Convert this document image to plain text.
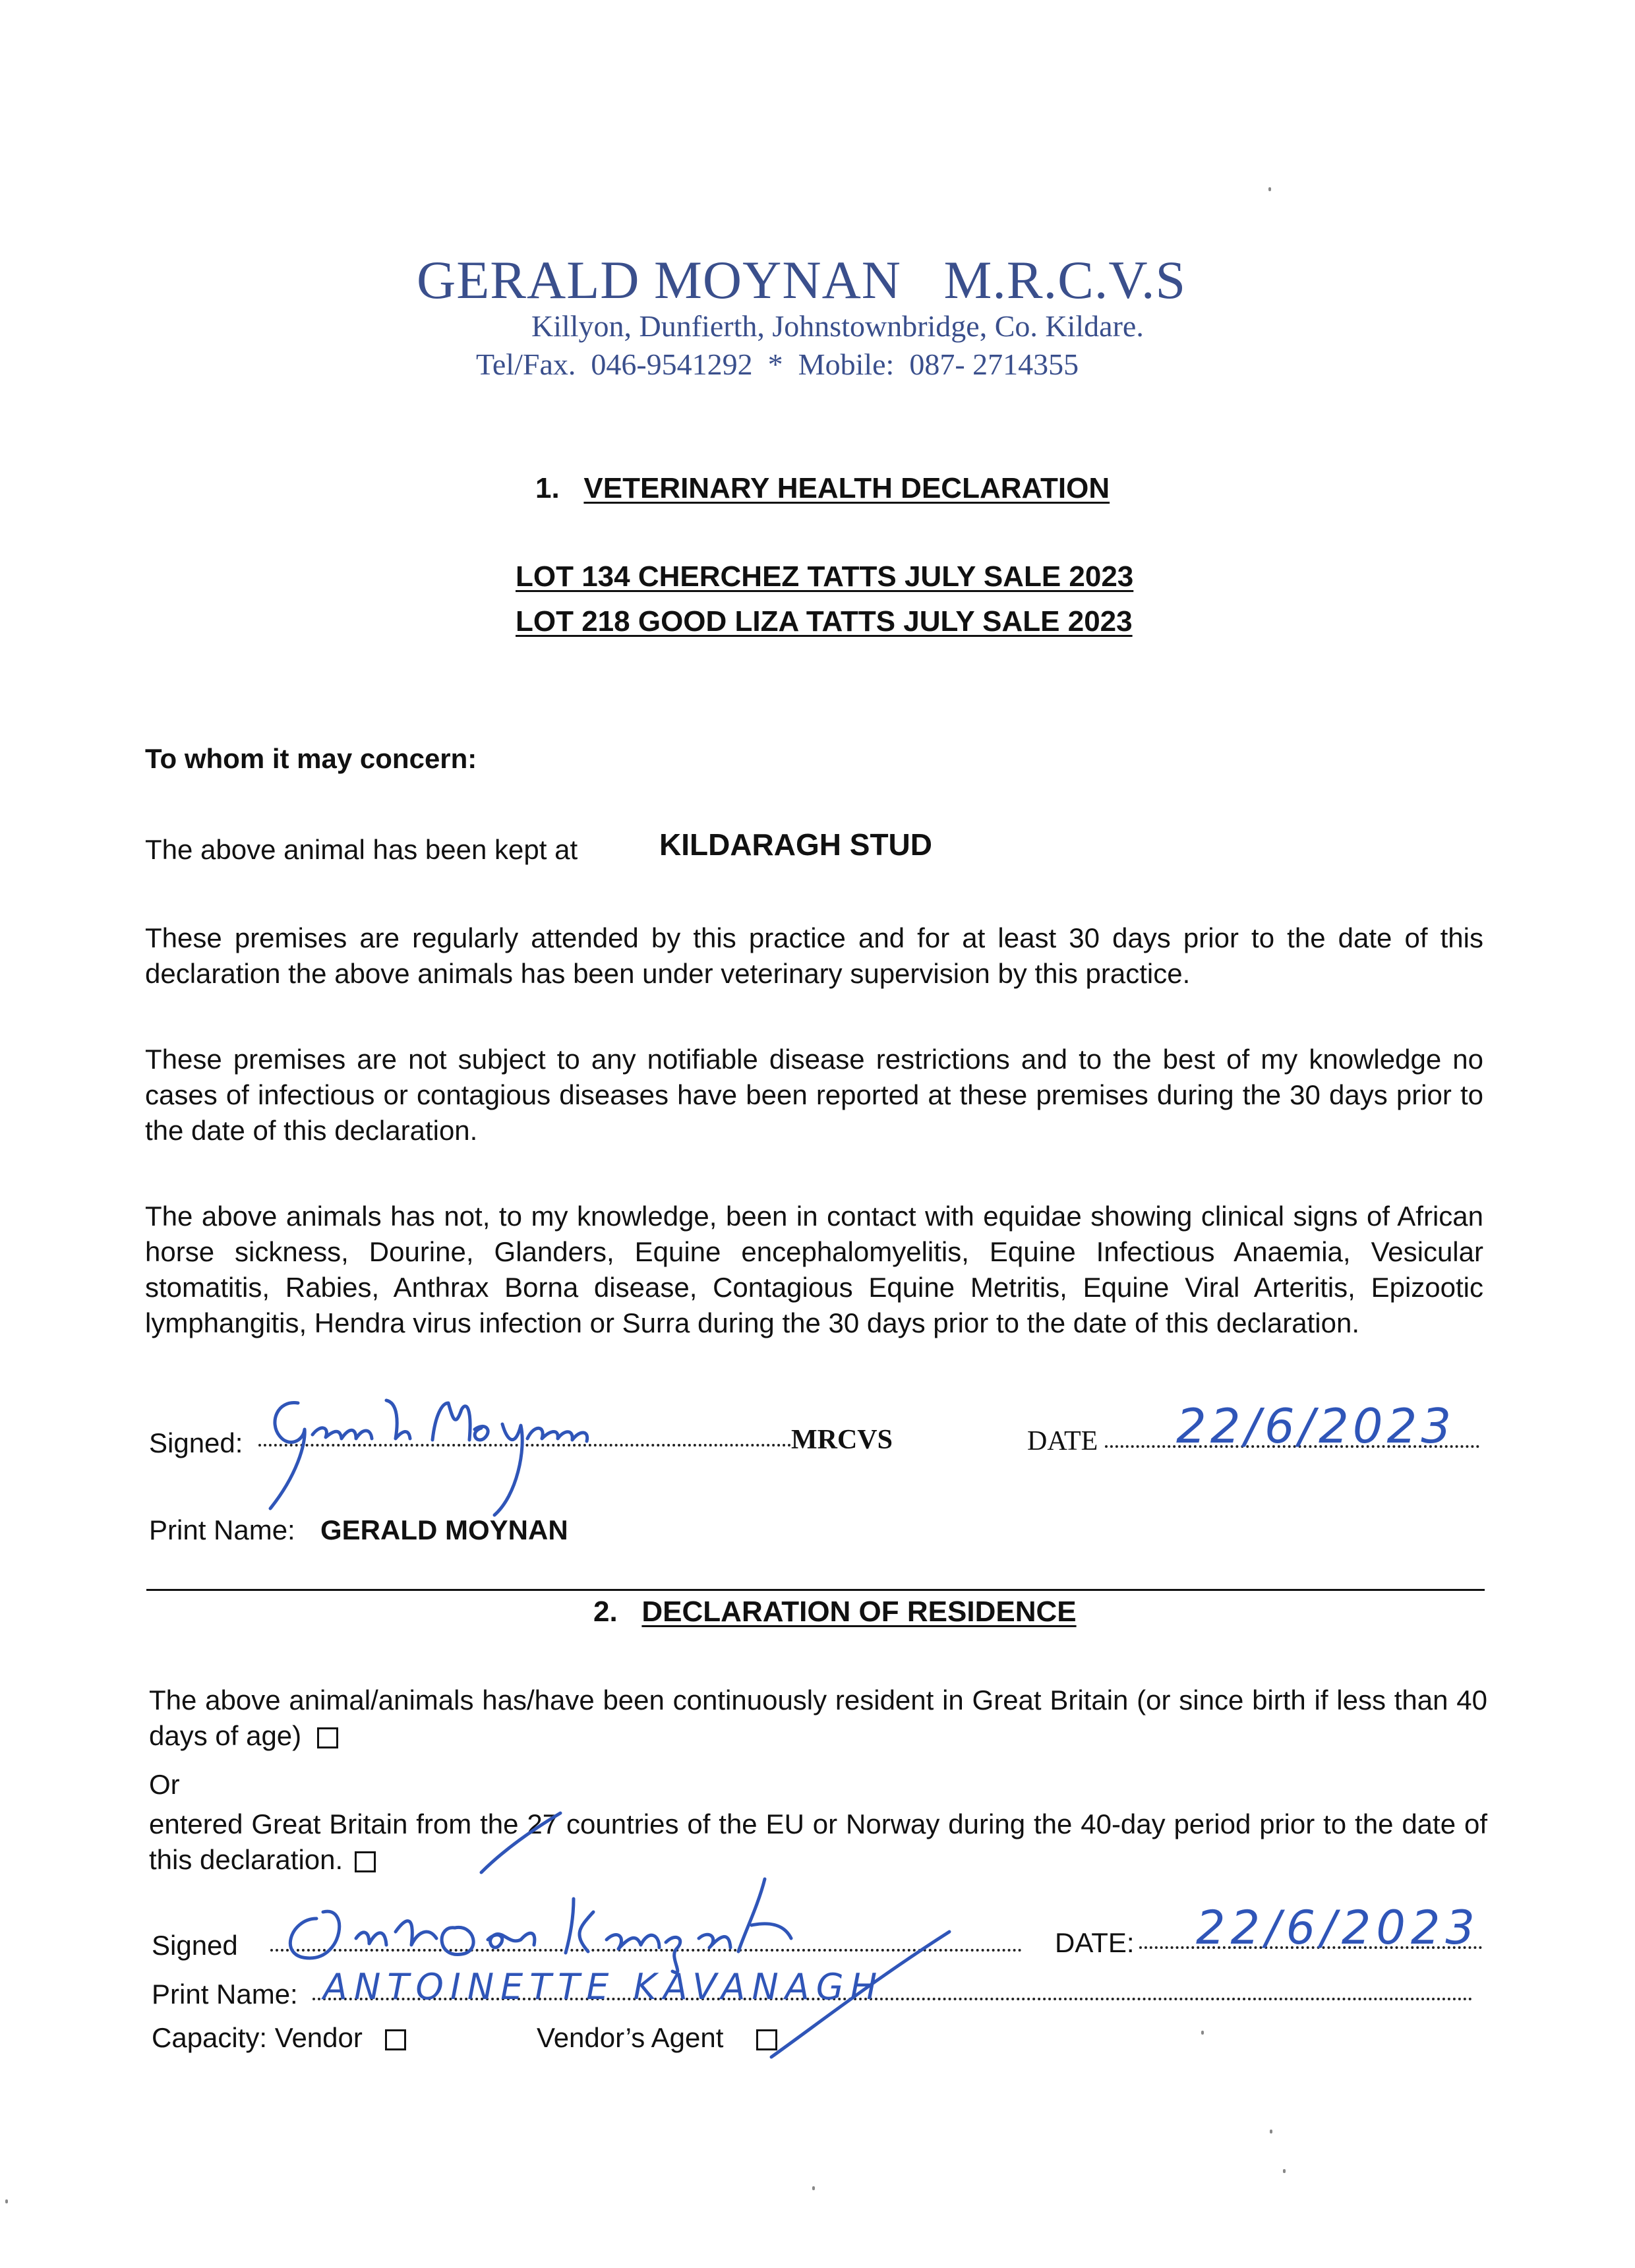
GERALD MOYNAN   M.R.C.V.S
Killyon, Dunfierth, Johnstownbridge, Co. Kildare.
Tel/Fax.  046-9541292  *  Mobile:  087- 2714355
1. VETERINARY HEALTH DECLARATION
LOT 134 CHERCHEZ TATTS JULY SALE 2023
LOT 218 GOOD LIZA TATTS JULY SALE 2023
To whom it may concern:
The above animal has been kept at	KILDARAGH STUD
These premises are regularly attended by this practice and for at least 30 days prior to the date of this declaration the above animals has been under veterinary supervision by this practice.
These premises are not subject to any notifiable disease restrictions and to the best of my knowledge no cases of infectious or contagious diseases have been reported at these premises during the 30 days prior to the date of this declaration.
The above animals has not, to my knowledge, been in contact with equidae showing clinical signs of African horse sickness, Dourine, Glanders, Equine encephalomyelitis, Equine Infectious Anaemia, Vesicular stomatitis, Rabies, Anthrax Borna disease, Contagious Equine Metritis, Equine Viral Arteritis, Epizootic lymphangitis, Hendra virus infection or Surra during the 30 days prior to the date of this declaration.
Signed:	MRCVS	DATE 22/6/2023
Print Name: GERALD MOYNAN
2. DECLARATION OF RESIDENCE
The above animal/animals has/have been continuously resident in Great Britain (or since birth if less than 40 days of age)
Or
entered Great Britain from the 27 countries of the EU or Norway during the 40-day period prior to the date of this declaration.
Signed	DATE: 22/6/2023
Print Name: ANTOINETTE KAVANAGH
Capacity: Vendor	Vendor’s Agent
